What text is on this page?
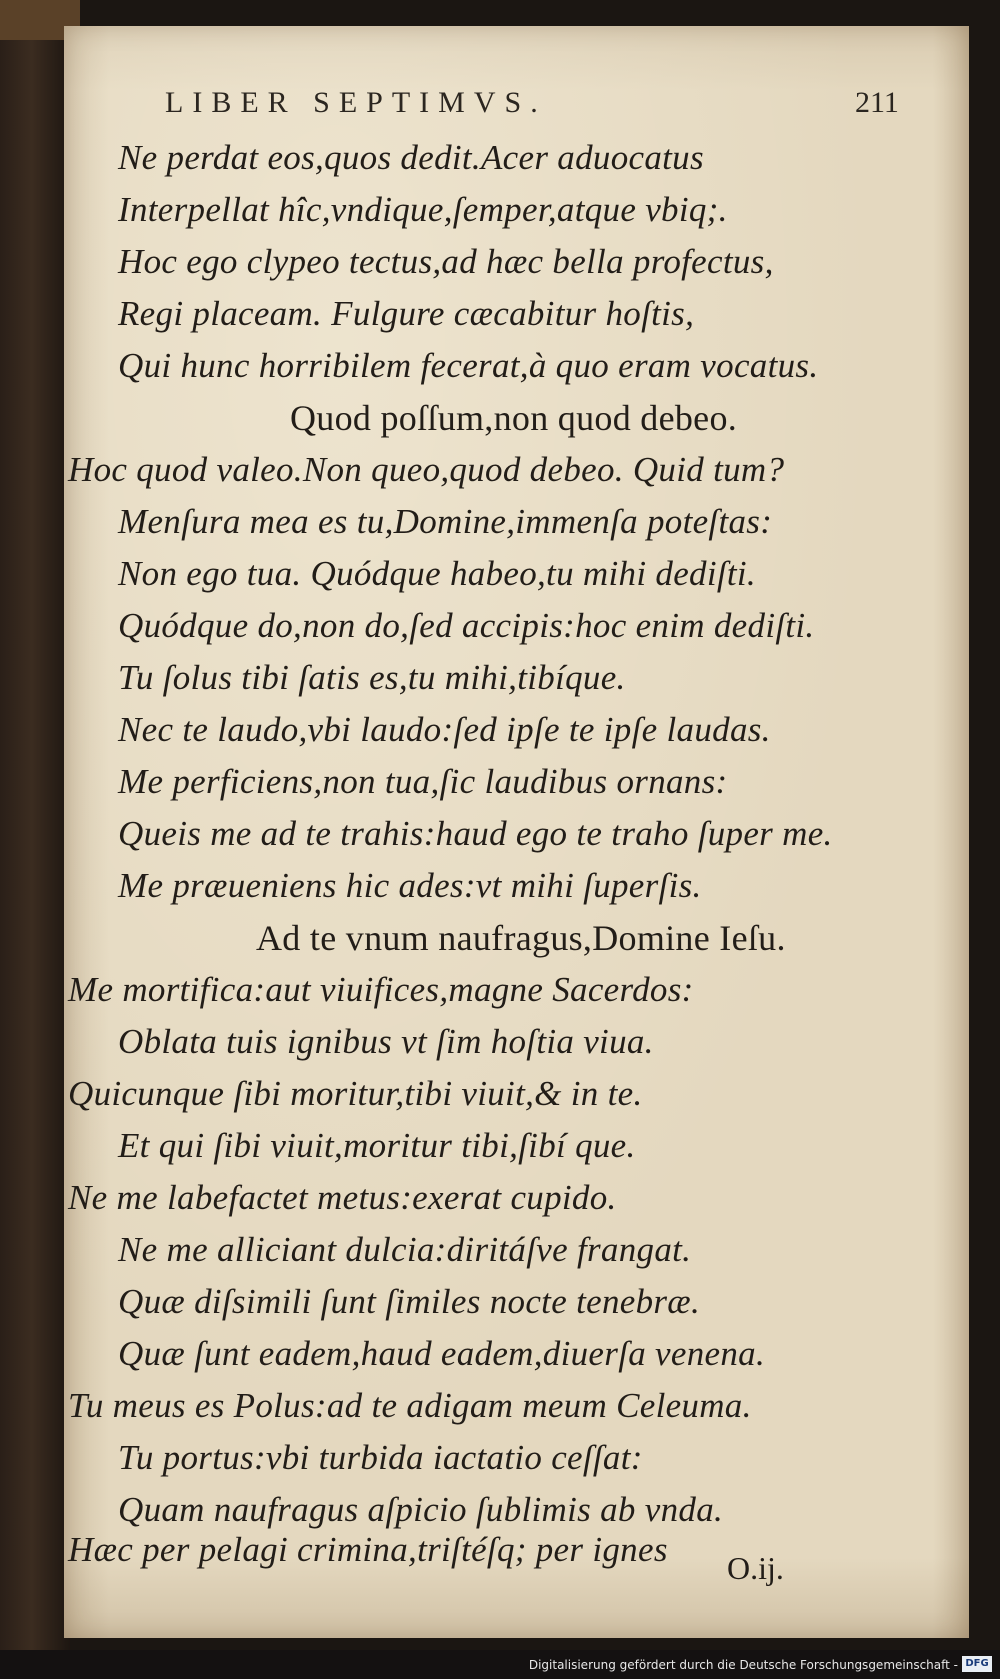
LIBER SEPTIMVS.	211
Ne perdat eos,quos dedit.Acer aduocatus
Interpellat hîc,vndique,ſemper,atque vbiq;.
Hoc ego clypeo tectus,ad hæc bella profectus,
Regi placeam. Fulgure cæcabitur hoſtis,
Qui hunc horribilem fecerat,à quo eram vocatus.
Quod poſſum,non quod debeo.
Hoc quod valeo.Non queo,quod debeo. Quid tum?
Menſura mea es tu,Domine,immenſa poteſtas:
Non ego tua. Quódque habeo,tu mihi dediſti.
Quódque do,non do,ſed accipis:hoc enim dediſti.
Tu ſolus tibi ſatis es,tu mihi,tibíque.
Nec te laudo,vbi laudo:ſed ipſe te ipſe laudas.
Me perficiens,non tua,ſic laudibus ornans:
Queis me ad te trahis:haud ego te traho ſuper me.
Me præueniens hic ades:vt mihi ſuperſis.
Ad te vnum naufragus,Domine Ieſu.
Me mortifica:aut viuifices,magne Sacerdos:
Oblata tuis ignibus vt ſim hoſtia viua.
Quicunque ſibi moritur,tibi viuit,& in te.
Et qui ſibi viuit,moritur tibi,ſibí que.
Ne me labefactet metus:exerat cupido.
Ne me alliciant dulcia:diritáſve frangat.
Quæ diſsimili ſunt ſimiles nocte tenebræ.
Quæ ſunt eadem,haud eadem,diuerſa venena.
Tu meus es Polus:ad te adigam meum Celeuma.
Tu portus:vbi turbida iactatio ceſſat:
Quam naufragus aſpicio ſublimis ab vnda.
Hæc per pelagi crimina,triſtéſq; per ignes O.ij.
Digitalisierung gefördert durch die Deutsche Forschungsgemeinschaft - DFG
